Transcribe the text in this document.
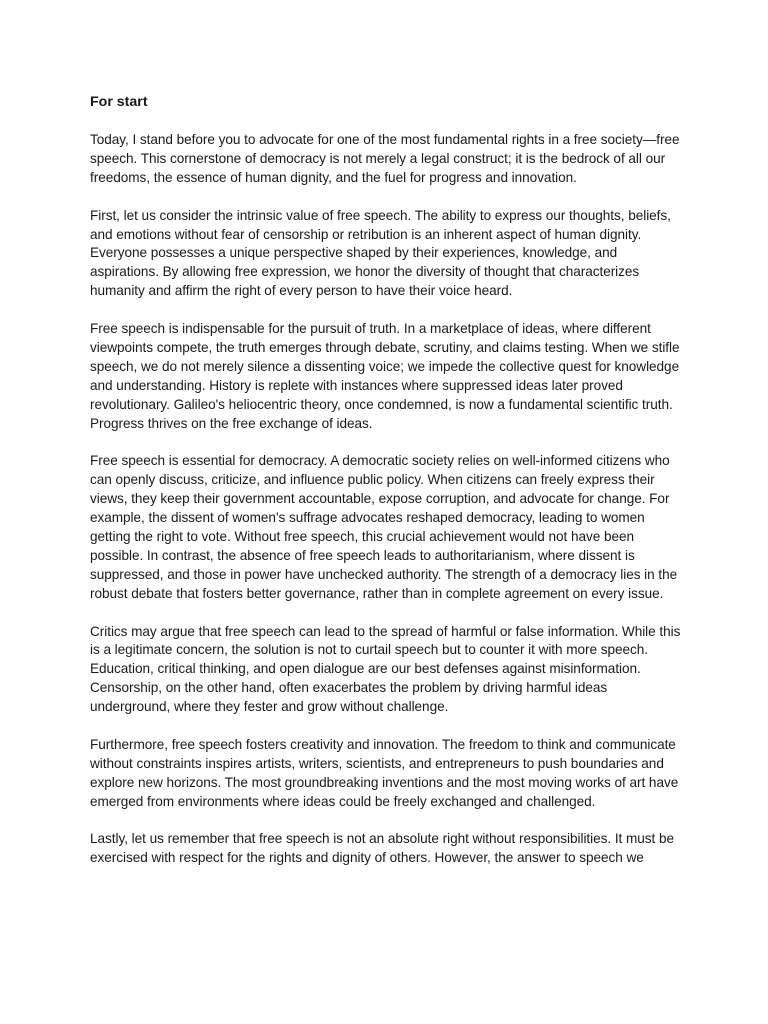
For start

Today, I stand before you to advocate for one of the most fundamental rights in a free society—free speech. This cornerstone of democracy is not merely a legal construct; it is the bedrock of all our freedoms, the essence of human dignity, and the fuel for progress and innovation.

First, let us consider the intrinsic value of free speech. The ability to express our thoughts, beliefs, and emotions without fear of censorship or retribution is an inherent aspect of human dignity. Everyone possesses a unique perspective shaped by their experiences, knowledge, and aspirations. By allowing free expression, we honor the diversity of thought that characterizes humanity and affirm the right of every person to have their voice heard.

Free speech is indispensable for the pursuit of truth. In a marketplace of ideas, where different viewpoints compete, the truth emerges through debate, scrutiny, and claims testing. When we stifle speech, we do not merely silence a dissenting voice; we impede the collective quest for knowledge and understanding. History is replete with instances where suppressed ideas later proved revolutionary. Galileo's heliocentric theory, once condemned, is now a fundamental scientific truth. Progress thrives on the free exchange of ideas.

Free speech is essential for democracy. A democratic society relies on well-informed citizens who can openly discuss, criticize, and influence public policy. When citizens can freely express their views, they keep their government accountable, expose corruption, and advocate for change. For example, the dissent of women's suffrage advocates reshaped democracy, leading to women getting the right to vote. Without free speech, this crucial achievement would not have been possible. In contrast, the absence of free speech leads to authoritarianism, where dissent is suppressed, and those in power have unchecked authority. The strength of a democracy lies in the robust debate that fosters better governance, rather than in complete agreement on every issue.

Critics may argue that free speech can lead to the spread of harmful or false information. While this is a legitimate concern, the solution is not to curtail speech but to counter it with more speech. Education, critical thinking, and open dialogue are our best defenses against misinformation. Censorship, on the other hand, often exacerbates the problem by driving harmful ideas underground, where they fester and grow without challenge.

Furthermore, free speech fosters creativity and innovation. The freedom to think and communicate without constraints inspires artists, writers, scientists, and entrepreneurs to push boundaries and explore new horizons. The most groundbreaking inventions and the most moving works of art have emerged from environments where ideas could be freely exchanged and challenged.

Lastly, let us remember that free speech is not an absolute right without responsibilities. It must be exercised with respect for the rights and dignity of others. However, the answer to speech we
